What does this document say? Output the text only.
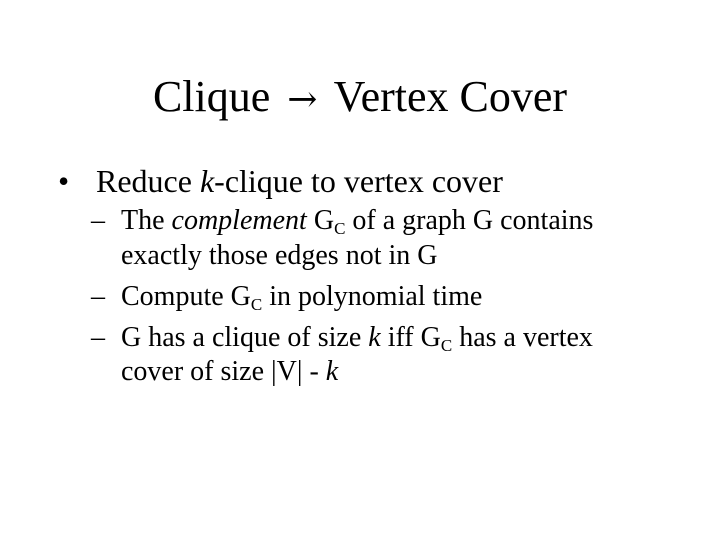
Clique → Vertex Cover
• Reduce k-clique to vertex cover
– The complement $G_C$ of a graph G contains
exactly those edges not in G
– Compute $G_C$ in polynomial time
– G has a clique of size k iff $G_C$ has a vertex
cover of size |V| - k
